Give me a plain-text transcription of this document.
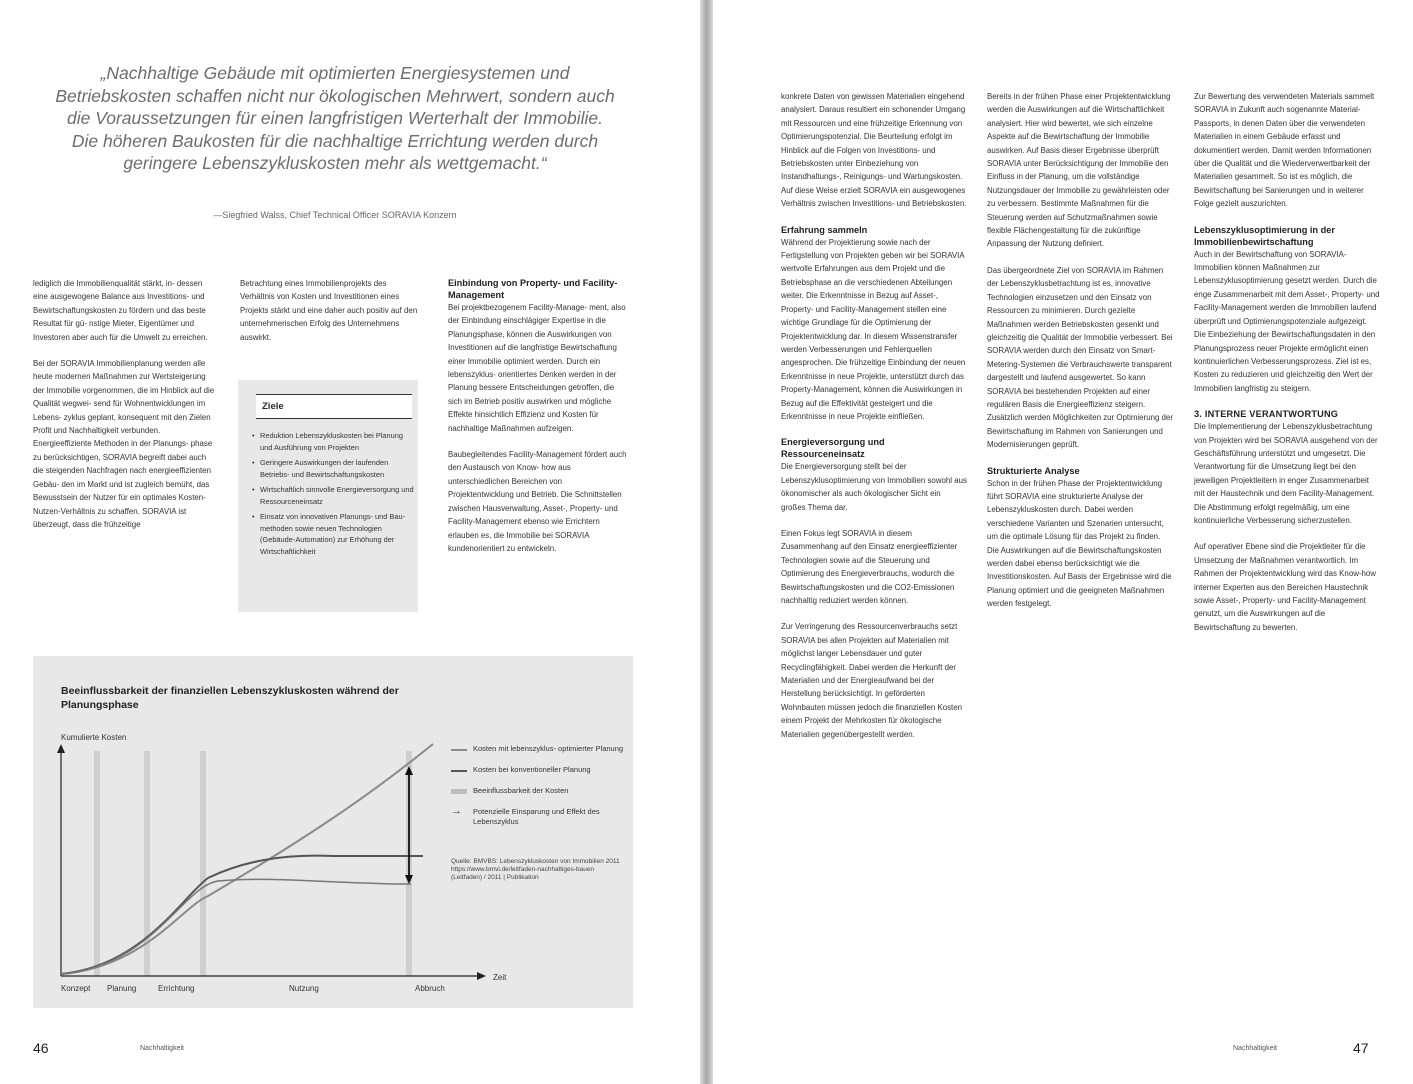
„Nachhaltige Gebäude mit optimierten Energiesystemen und Betriebskosten schaffen nicht nur ökologischen Mehrwert, sondern auch die Voraussetzungen für einen langfristigen Werterhalt der Immobilie. Die höheren Baukosten für die nachhaltige Errichtung werden durch geringere Lebenszykluskosten mehr als wettgemacht.“
—Siegfried Walss, Chief Technical Officer SORAVIA Konzern

lediglich die Immobilienqualität stärkt, in- dessen eine ausgewogene Balance aus Investitions- und Bewirtschaftungskosten zu fördern und das beste Resultat für gü- nstige Mieter, Eigentümer und Investoren aber auch für die Umwelt zu erreichen.

Bei der SORAVIA Immobilienplanung werden alle heute modernen Maßnahmen zur Wertsteigerung der Immobilie vorgenommen, die im Hinblick auf die Qualität wegwei- send für Wohnentwicklungen im Lebens- zyklus geplant, konsequent mit den Zielen Profit und Nachhaltigkeit verbunden. Energieeffiziente Methoden in der Planungs- phase zu berücksichtigen, SORAVIA begreift dabei auch die steigenden Nachfragen nach energieeffizienten Gebäu- den im Markt und ist zugleich bemüht, das Bewusstsein der Nutzer für ein optimales Kosten-Nutzen-Verhältnis zu schaffen. SORAVIA ist überzeugt, dass die frühzeitige

Betrachtung eines Immobilienprojekts des Verhältnis von Kosten und Investitionen eines Projekts stärkt und eine daher auch positiv auf den unternehmerischen Erfolg des Unternehmens auswirkt.

Ziele
• Reduktion Lebenszykluskosten bei Planung und Ausführung von Projekten
• Geringere Auswirkungen der laufenden Betriebs- und Bewirtschaftungskosten
• Wirtschaftlich sinnvolle Energieversorgung und Ressourceneinsatz
• Einsatz von innovativen Planungs- und Bau- methoden sowie neuen Technologien (Gebäude-Automation) zur Erhöhung der Wirtschaftlichkeit
Einbindung von Property- und Facility-Management

Bei projektbezogenem Facility-Manage- ment, also der Einbindung einschlägiger Expertise in die Planungsphase, können die Auswirkungen von Investitionen auf die langfristige Bewirtschaftung einer Immobilie optimiert werden. Durch ein lebenszyklus- orientiertes Denken werden in der Planung bessere Entscheidungen getroffen, die sich im Betrieb positiv auswirken und mögliche Effekte hinsichtlich Effizienz und Kosten für nachhaltige Maßnahmen aufzeigen.

Baubegleitendes Facility-Management fördert auch den Austausch von Know- how aus unterschiedlichen Bereichen von Projektentwicklung und Betrieb. Die Schnittstellen zwischen Hausverwaltung, Asset-, Property- und Facility-Management ebenso wie Errichtern erlauben es, die Immobilie bei SORAVIA kundenorientiert zu entwickeln.

Beeinflussbarkeit der finanziellen Lebenszykluskosten während der Planungsphase
Kumulierte Kosten
Zeit
Konzept Planung	Errichtung	Nutzung	Abbruch
Kosten mit lebenszyklus- optimierter Planung
Kosten bei konventioneller Planung
Beeinflussbarkeit der Kosten
→	Potenzielle Einsparung und Effekt des Lebenszyklus
Quelle: BMVBS: Lebenszykluskosten von Immobilien 2011 https://www.bmvi.de/leitfaden-nachhaltiges-bauen (Leitfaden) / 2011 | Publikation
46	Nachhaltigkeit

konkrete Daten von gewissen Materialien eingehend analysiert. Daraus resultiert ein schonender Umgang mit Ressourcen und eine frühzeitige Erkennung von Optimierungspotenzial. Die Beurteilung erfolgt im Hinblick auf die Folgen von Investitions- und Betriebskosten unter Einbeziehung von Instandhaltungs-, Reinigungs- und Wartungskosten. Auf diese Weise erzielt SORAVIA ein ausgewogenes Verhältnis zwischen Investitions- und Betriebskosten.

Erfahrung sammeln

Während der Projektierung sowie nach der Fertigstellung von Projekten geben wir bei SORAVIA wertvolle Erfahrungen aus dem Projekt und die Betriebsphase an die verschiedenen Abteilungen weiter. Die Erkenntnisse in Bezug auf Asset-, Property- und Facility-Management stellen eine wichtige Grundlage für die Optimierung der Projektentwicklung dar. In diesem Wissenstransfer werden Verbesserungen und Fehlerquellen angesprochen. Die frühzeitige Einbindung der neuen Erkenntnisse in neue Projekte, unterstützt durch das Property-Management, können die Auswirkungen in Bezug auf die Effektivität gesteigert und die Erkenntnisse in neue Projekte einfließen.

Energieversorgung und Ressourceneinsatz

Die Energieversorgung stellt bei der Lebenszyklusoptimierung von Immobilien sowohl aus ökonomischer als auch ökologischer Sicht ein großes Thema dar.

Einen Fokus legt SORAVIA in diesem Zusammenhang auf den Einsatz energieeffizienter Technologien sowie auf die Steuerung und Optimierung des Energieverbrauchs, wodurch die Bewirtschaftungskosten und die CO2-Emissionen nachhaltig reduziert werden können.

Zur Verringerung des Ressourcenverbrauchs setzt SORAVIA bei allen Projekten auf Materialien mit möglichst langer Lebensdauer und guter Recyclingfähigkeit. Dabei werden die Herkunft der Materialien und der Energieaufwand bei der Herstellung berücksichtigt. In geförderten Wohnbauten müssen jedoch die finanziellen Kosten einem Projekt der Mehrkosten für ökologische Materialien gegenübergestellt werden.

Bereits in der frühen Phase einer Projektentwicklung werden die Auswirkungen auf die Wirtschaftlichkeit analysiert. Hier wird bewertet, wie sich einzelne Aspekte auf die Bewirtschaftung der Immobilie auswirken. Auf Basis dieser Ergebnisse überprüft SORAVIA unter Berücksichtigung der Immobilie den Einfluss in der Planung, um die vollständige Nutzungsdauer der Immobilie zu gewährleisten oder zu verbessern. Bestimmte Maßnahmen für die Steuerung werden auf Schutzmaßnahmen sowie flexible Flächengestaltung für die zukünftige Anpassung der Nutzung definiert.

Das übergeordnete Ziel von SORAVIA im Rahmen der Lebenszyklusbetrachtung ist es, innovative Technologien einzusetzen und den Einsatz von Ressourcen zu minimieren. Durch gezielte Maßnahmen werden Betriebskosten gesenkt und gleichzeitig die Qualität der Immobilie verbessert. Bei SORAVIA werden durch den Einsatz von Smart-Metering-Systemen die Verbrauchswerte transparent dargestellt und laufend ausgewertet. So kann SORAVIA bei bestehenden Projekten auf einer regulären Basis die Energieeffizienz steigern. Zusätzlich werden Möglichkeiten zur Optimierung der Bewirtschaftung im Rahmen von Sanierungen und Modernisierungen geprüft.

Strukturierte Analyse

Schon in der frühen Phase der Projektentwicklung führt SORAVIA eine strukturierte Analyse der Lebenszykluskosten durch. Dabei werden verschiedene Varianten und Szenarien untersucht, um die optimale Lösung für das Projekt zu finden. Die Auswirkungen auf die Bewirtschaftungskosten werden dabei ebenso berücksichtigt wie die Investitionskosten. Auf Basis der Ergebnisse wird die Planung optimiert und die geeigneten Maßnahmen werden festgelegt.

Zur Bewertung des verwendeten Materials sammelt SORAVIA in Zukunft auch sogenannte Material-Passports, in denen Daten über die verwendeten Materialien in einem Gebäude erfasst und dokumentiert werden. Damit werden Informationen über die Qualität und die Wiederverwertbarkeit der Materialien gesammelt. So ist es möglich, die Bewirtschaftung bei Sanierungen und in weiterer Folge gezielt auszurichten.

Lebenszyklusoptimierung in der Immobilienbewirtschaftung

Auch in der Bewirtschaftung von SORAVIA-Immobilien können Maßnahmen zur Lebenszyklusoptimierung gesetzt werden. Durch die enge Zusammenarbeit mit dem Asset-, Property- und Facility-Management werden die Immobilien laufend überprüft und Optimierungspotenziale aufgezeigt. Die Einbeziehung der Bewirtschaftungsdaten in den Planungsprozess neuer Projekte ermöglicht einen kontinuierlichen Verbesserungsprozess. Ziel ist es, Kosten zu reduzieren und gleichzeitig den Wert der Immobilien langfristig zu steigern.

3. INTERNE VERANTWORTUNG

Die Implementierung der Lebenszyklusbetrachtung von Projekten wird bei SORAVIA ausgehend von der Geschäftsführung unterstützt und umgesetzt. Die Verantwortung für die Umsetzung liegt bei den jeweiligen Projektleitern in enger Zusammenarbeit mit der Haustechnik und dem Facility-Management. Die Abstimmung erfolgt regelmäßig, um eine kontinuierliche Verbesserung sicherzustellen.

Auf operativer Ebene sind die Projektleiter für die Umsetzung der Maßnahmen verantwortlich. Im Rahmen der Projektentwicklung wird das Know-how interner Experten aus den Bereichen Haustechnik sowie Asset-, Property- und Facility-Management genutzt, um die Auswirkungen auf die Bewirtschaftung zu bewerten.

Nachhaltigkeit	47
